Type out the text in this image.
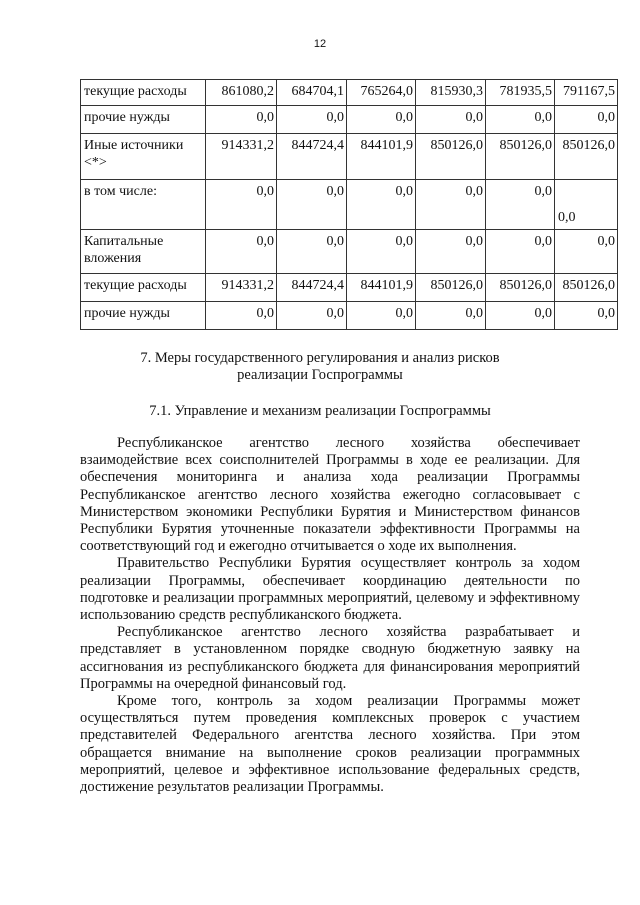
12
текущие расходы	861080,2	684704,1	765264,0	815930,3	781935,5	791167,5
прочие нужды	0,0	0,0	0,0	0,0	0,0	0,0
Иные источники <*>	914331,2	844724,4	844101,9	850126,0	850126,0	850126,0
в том числе:	0,0	0,0	0,0	0,0	0,0	0,0
Капитальные вложения	0,0	0,0	0,0	0,0	0,0	0,0
текущие расходы	914331,2	844724,4	844101,9	850126,0	850126,0	850126,0
прочие нужды	0,0	0,0	0,0	0,0	0,0	0,0
7. Меры государственного регулирования и анализ рисков
реализации Госпрограммы
7.1. Управление и механизм реализации Госпрограммы

Республиканское агентство лесного хозяйства обеспечивает взаимодействие всех соисполнителей Программы в ходе ее реализации. Для обеспечения мониторинга и анализа хода реализации Программы Республиканское агентство лесного хозяйства ежегодно согласовывает с Министерством экономики Республики Бурятия и Министерством финансов Республики Бурятия уточненные показатели эффективности Программы на соответствующий год и ежегодно отчитывается о ходе их выполнения.

Правительство Республики Бурятия осуществляет контроль за ходом реализации Программы, обеспечивает координацию деятельности по подготовке и реализации программных мероприятий, целевому и эффективному использованию средств республиканского бюджета.

Республиканское агентство лесного хозяйства разрабатывает и представляет в установленном порядке сводную бюджетную заявку на ассигнования из республиканского бюджета для финансирования мероприятий Программы на очередной финансовый год.

Кроме того, контроль за ходом реализации Программы может осуществляться путем проведения комплексных проверок с участием представителей Федерального агентства лесного хозяйства. При этом обращается внимание на выполнение сроков реализации программных мероприятий, целевое и эффективное использование федеральных средств, достижение результатов реализации Программы.
